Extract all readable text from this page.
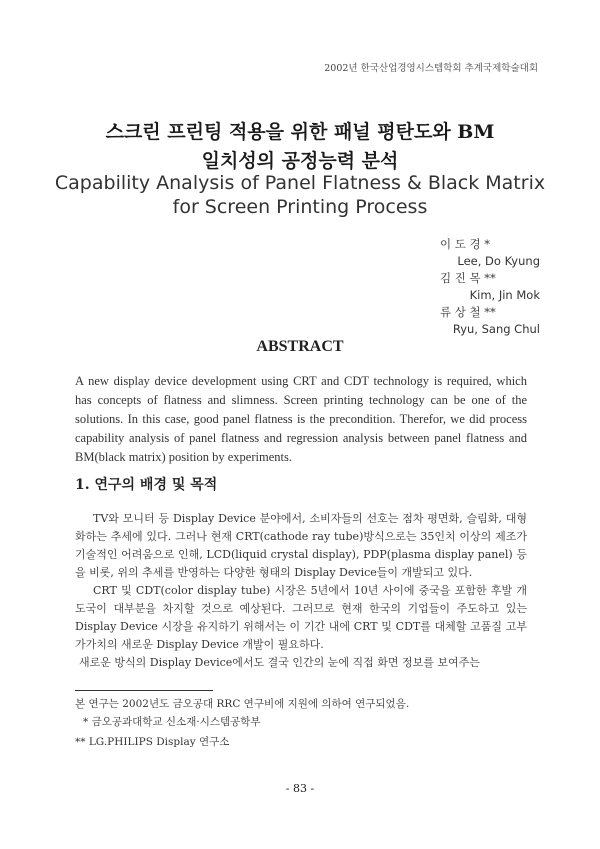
2002년 한국산업경영시스템학회 추계국제학술대회
스크린 프린팅 적용을 위한 패널 평탄도와 BM
일치성의 공정능력 분석
Capability Analysis of Panel Flatness & Black Matrix
for Screen Printing Process
이 도 경 *
Lee, Do Kyung
김 진 목 **
Kim, Jin Mok
류 상 철 **
Ryu, Sang Chul
ABSTRACT
A new display device development using CRT and CDT technology is required, which has concepts of flatness and slimness. Screen printing technology can be one of the solutions. In this case, good panel flatness is the precondition. Therefor, we did process capability analysis of panel flatness and regression analysis between panel flatness and BM(black matrix) position by experiments.
1. 연구의 배경 및 목적

TV와 모니터 등 Display Device 분야에서, 소비자들의 선호는 점차 평면화, 슬림화, 대형화하는 추세에 있다. 그러나 현재 CRT(cathode ray tube)방식으로는 35인치 이상의 제조가 기술적인 어려움으로 인해, LCD(liquid crystal display), PDP(plasma display panel) 등을 비롯, 위의 추세를 반영하는 다양한 형태의 Display Device들이 개발되고 있다.

CRT 및 CDT(color display tube) 시장은 5년에서 10년 사이에 중국을 포함한 후발 개도국이 대부분을 차지할 것으로 예상된다. 그러므로 현재 한국의 기업들이 주도하고 있는 Display Device 시장을 유지하기 위해서는 이 기간 내에 CRT 및 CDT를 대체할 고품질 고부가가치의 새로운 Display Device 개발이 필요하다.

새로운 방식의 Display Device에서도 결국 인간의 눈에 직접 화면 정보를 보여주는

본 연구는 2002년도 금오공대 RRC 연구비에 지원에 의하여 연구되었음.
* 금오공과대학교 신소재·시스템공학부
** LG.PHILIPS Display 연구소
- 83 -
